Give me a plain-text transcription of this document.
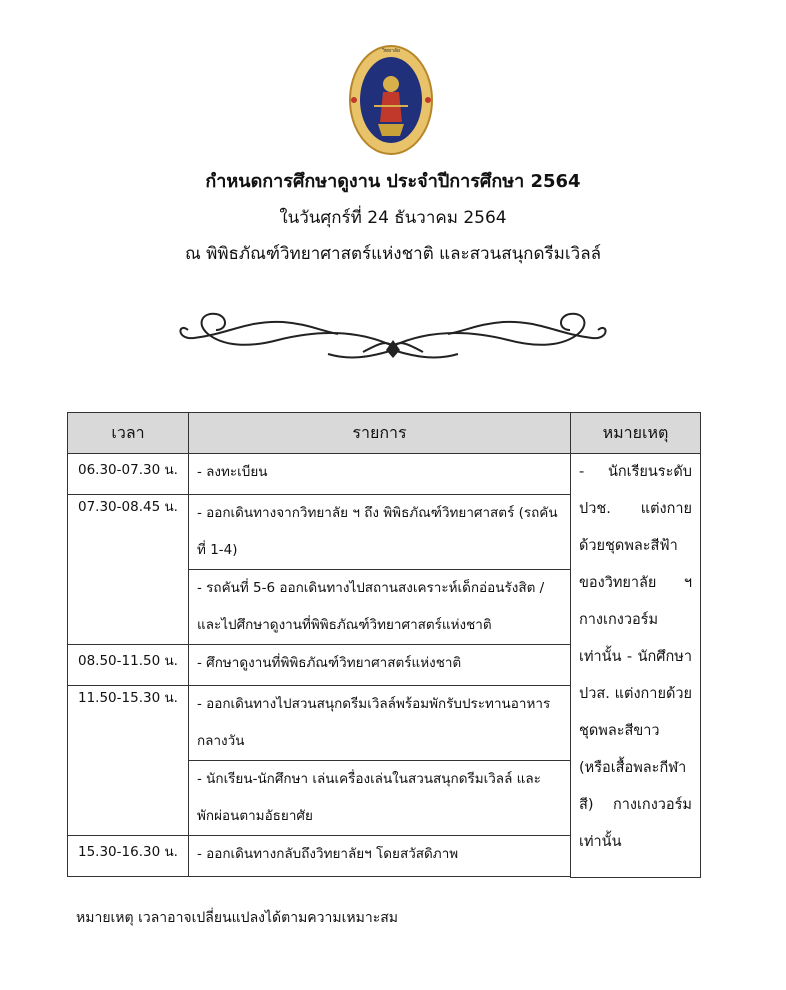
วิทยาลัย
กำหนดการศึกษาดูงาน ประจำปีการศึกษา 2564
ในวันศุกร์ที่ 24 ธันวาคม 2564
ณ พิพิธภัณฑ์วิทยาศาสตร์แห่งชาติ และสวนสนุกดรีมเวิลล์
เวลา	รายการ	หมายเหตุ
06.30-07.30 น.	- ลงทะเบียน	- นักเรียนระดับ ปวช. แต่งกายด้วยชุดพละสีฟ้าของวิทยาลัย ฯ กางเกงวอร์ม เท่านั้น - นักศึกษา ปวส. แต่งกายด้วยชุดพละสีขาว (หรือเสื้อพละกีฬาสี) กางเกงวอร์มเท่านั้น
07.30-08.45 น.	- ออกเดินทางจากวิทยาลัย ฯ ถึง พิพิธภัณฑ์วิทยาศาสตร์ (รถคันที่ 1-4)	
	- รถคันที่ 5-6 ออกเดินทางไปสถานสงเคราะห์เด็กอ่อนรังสิต / และไปศึกษาดูงานที่พิพิธภัณฑ์วิทยาศาสตร์แห่งชาติ	
08.50-11.50 น.	- ศึกษาดูงานที่พิพิธภัณฑ์วิทยาศาสตร์แห่งชาติ	
11.50-15.30 น.	- ออกเดินทางไปสวนสนุกดรีมเวิลล์พร้อมพักรับประทานอาหารกลางวัน	
	- นักเรียน-นักศึกษา เล่นเครื่องเล่นในสวนสนุกดรีมเวิลล์ และ พักผ่อนตามอัธยาศัย	
15.30-16.30 น.	- ออกเดินทางกลับถึงวิทยาลัยฯ โดยสวัสดิภาพ	

หมายเหตุ เวลาอาจเปลี่ยนแปลงได้ตามความเหมาะสม
